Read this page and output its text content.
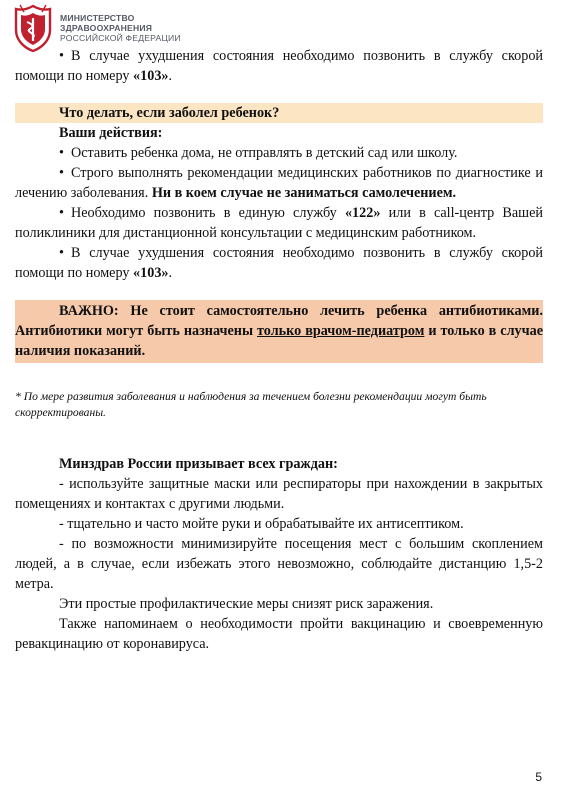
МИНИСТЕРСТВО
ЗДРАВООХРАНЕНИЯ
РОССИЙСКОЙ ФЕДЕРАЦИИ

• В случае ухудшения состояния необходимо позвонить в службу скорой помощи по номеру «103».

Что делать, если заболел ребенок?

Ваши действия:

• Оставить ребенка дома, не отправлять в детский сад или школу.

• Строго выполнять рекомендации медицинских работников по диагностике и лечению заболевания. Ни в коем случае не заниматься самолечением.

• Необходимо позвонить в единую службу «122» или в call-центр Вашей поликлиники для дистанционной консультации с медицинским работником.

• В случае ухудшения состояния необходимо позвонить в службу скорой помощи по номеру «103».

ВАЖНО: Не стоит самостоятельно лечить ребенка антибиотиками. Антибиотики могут быть назначены только врачом-педиатром и только в случае наличия показаний.

* По мере развития заболевания и наблюдения за течением болезни рекомендации могут быть скорректированы.

Минздрав России призывает всех граждан:

- используйте защитные маски или респираторы при нахождении в закрытых помещениях и контактах с другими людьми.

- тщательно и часто мойте руки и обрабатывайте их антисептиком.

- по возможности минимизируйте посещения мест с большим скоплением людей, а в случае, если избежать этого невозможно, соблюдайте дистанцию 1,5-2 метра.

Эти простые профилактические меры снизят риск заражения.

Также напоминаем о необходимости пройти вакцинацию и своевременную ревакцинацию от коронавируса.

5
